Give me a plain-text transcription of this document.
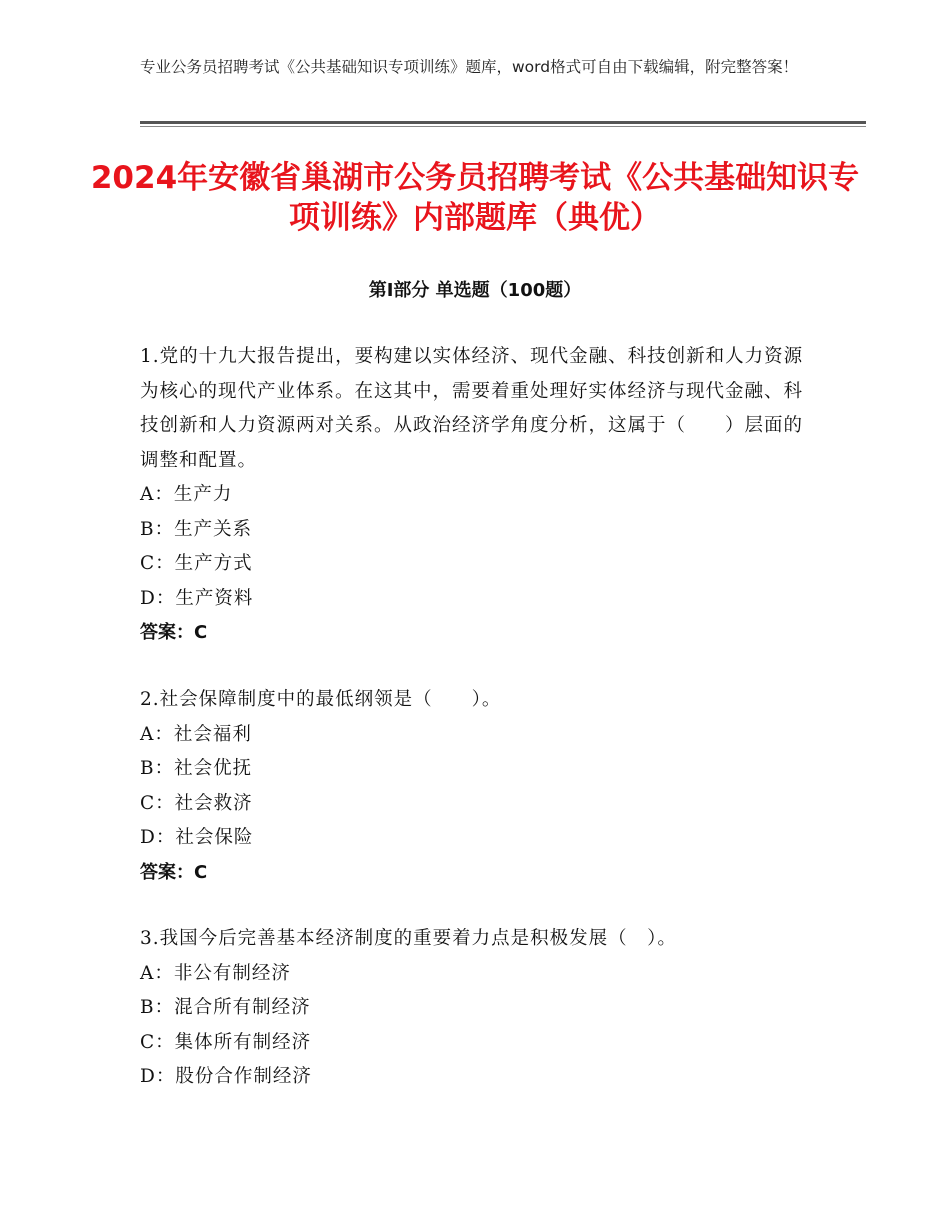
专业公务员招聘考试《公共基础知识专项训练》题库，word格式可自由下载编辑，附完整答案！
2024年安徽省巢湖市公务员招聘考试《公共基础知识专项训练》内部题库（典优）
第Ⅰ部分 单选题（100题）

1.党的十九大报告提出，要构建以实体经济、现代金融、科技创新和人力资源为核心的现代产业体系。在这其中，需要着重处理好实体经济与现代金融、科技创新和人力资源两对关系。从政治经济学角度分析，这属于（　　）层面的调整和配置。

A：生产力

B：生产关系

C：生产方式

D：生产资料

答案：C

2.社会保障制度中的最低纲领是（　　）。

A：社会福利

B：社会优抚

C：社会救济

D：社会保险

答案：C

3.我国今后完善基本经济制度的重要着力点是积极发展（　）。

A：非公有制经济

B：混合所有制经济

C：集体所有制经济

D：股份合作制经济
